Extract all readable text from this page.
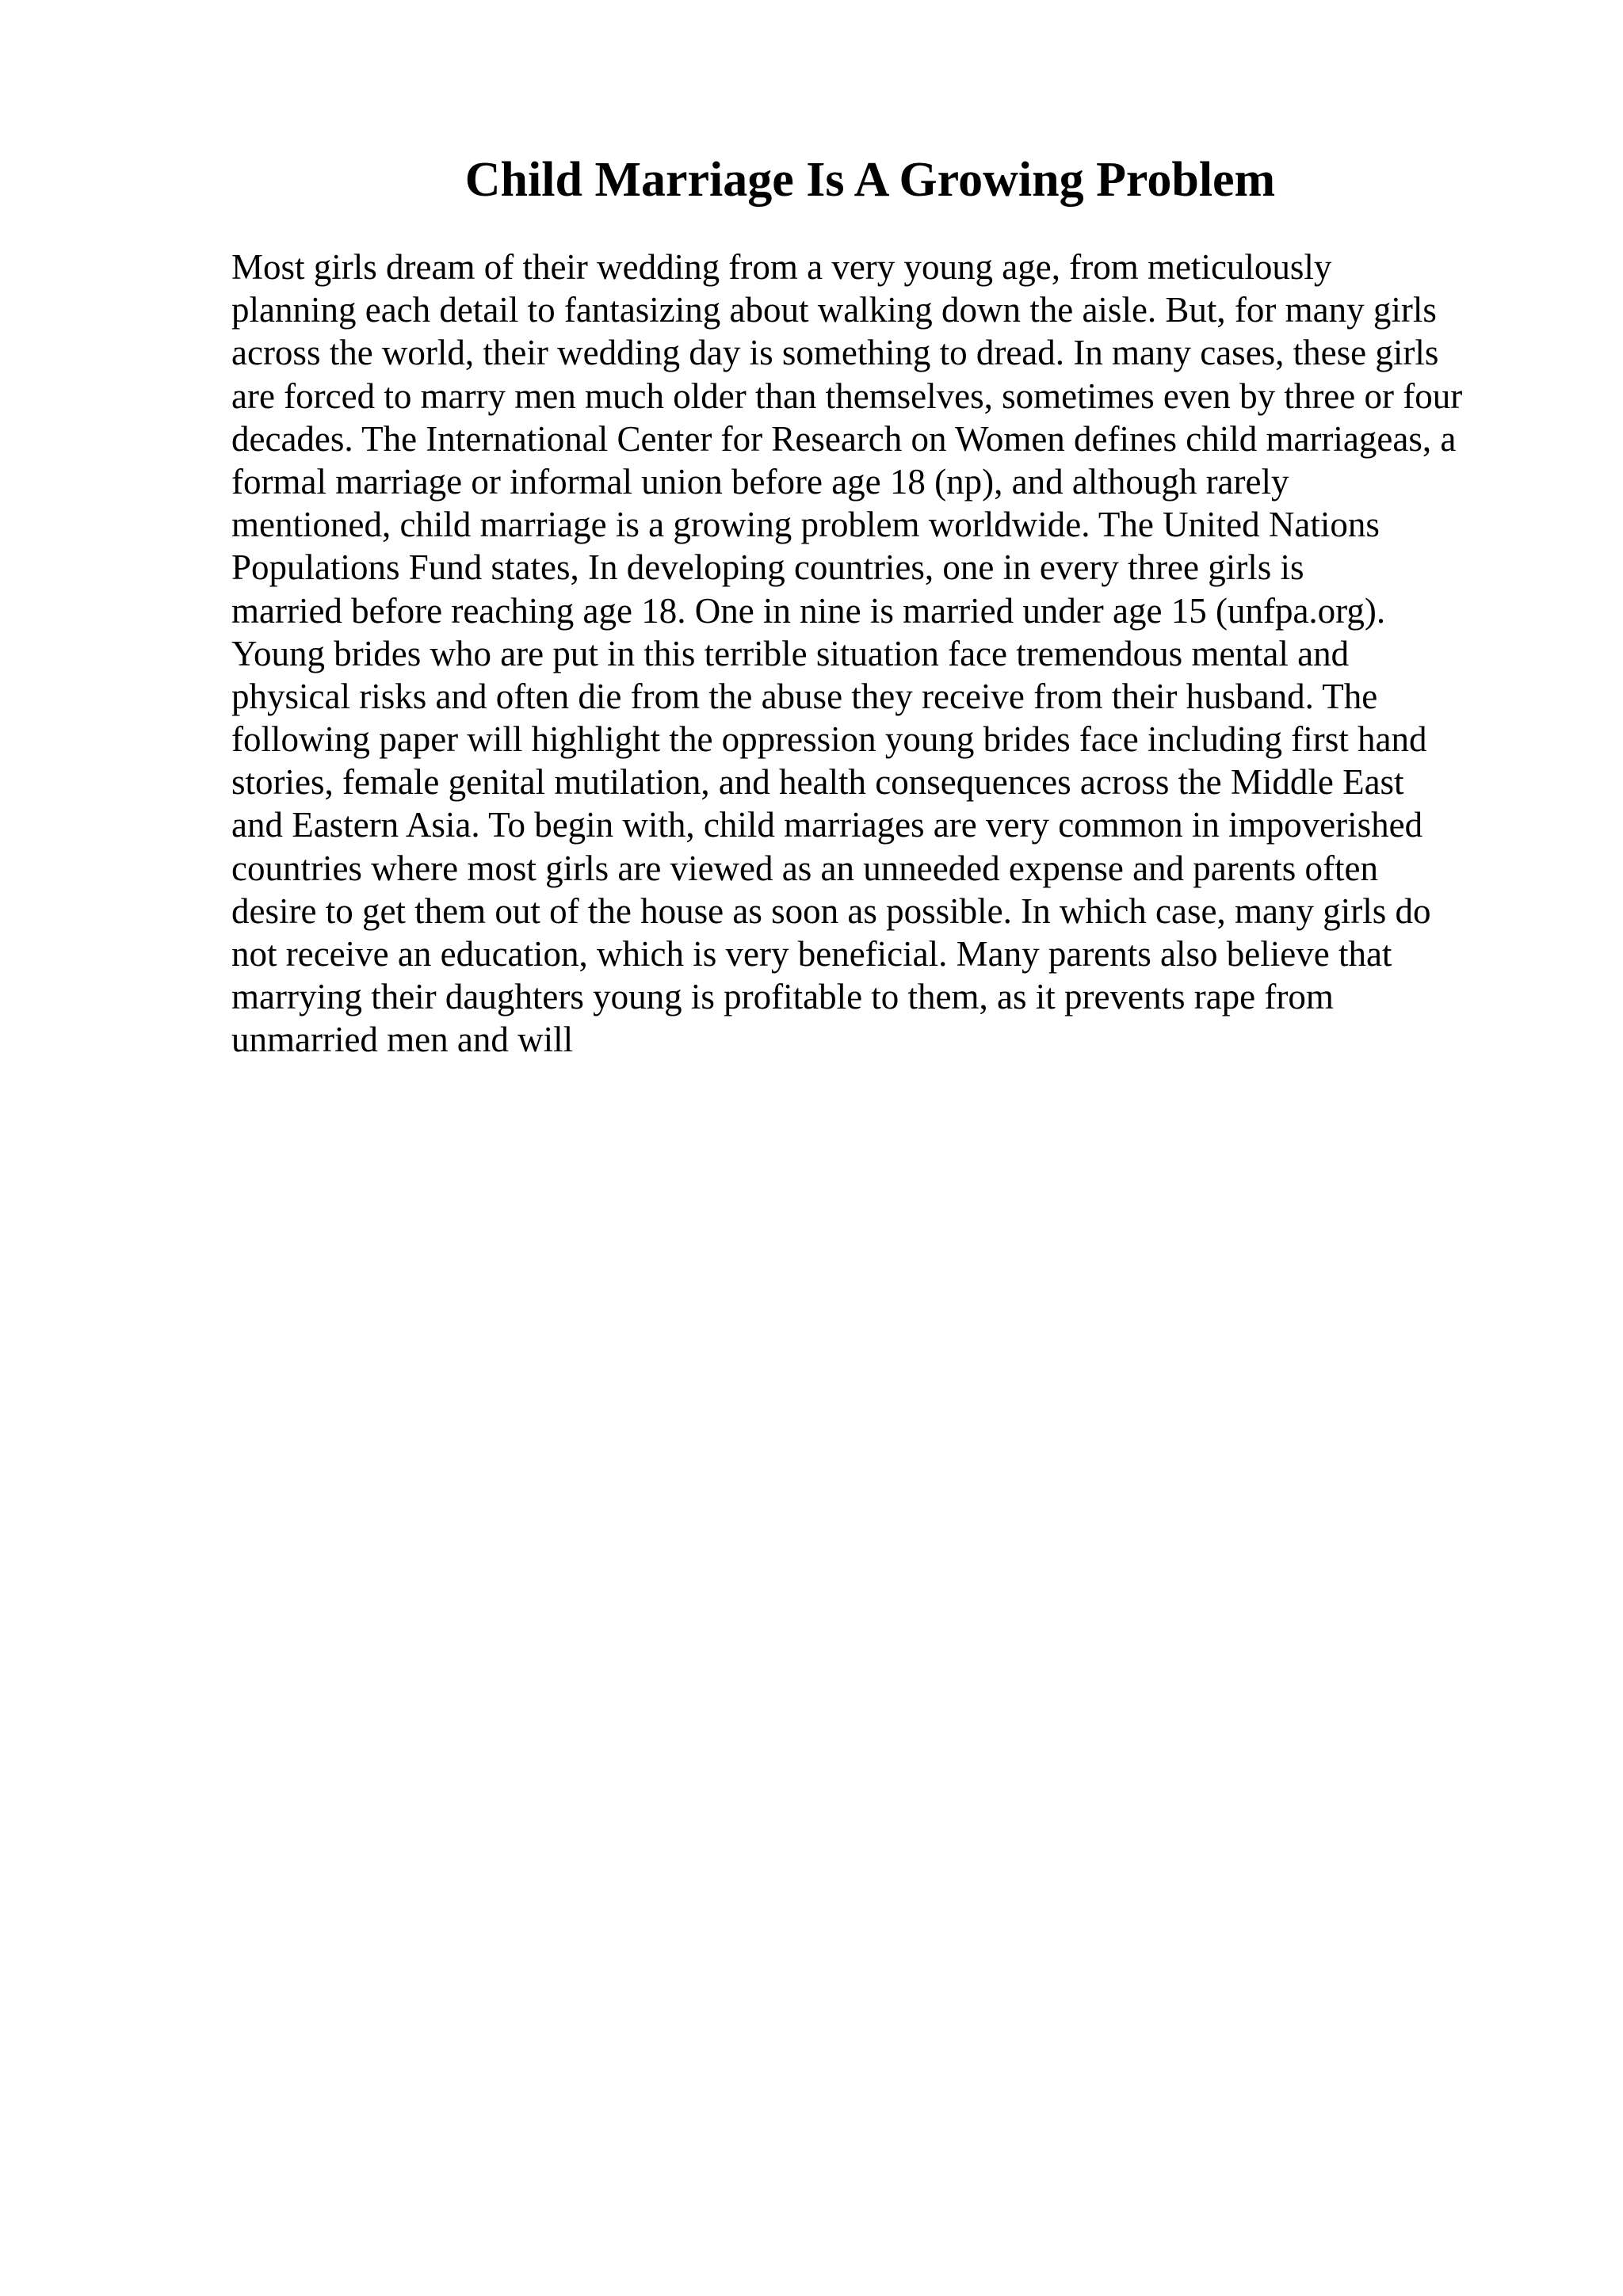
Child Marriage Is A Growing Problem
Most girls dream of their wedding from a very young age, from meticulously
planning each detail to fantasizing about walking down the aisle. But, for many girls
across the world, their wedding day is something to dread. In many cases, these girls
are forced to marry men much older than themselves, sometimes even by three or four
decades. The International Center for Research on Women defines child marriageas, a
formal marriage or informal union before age 18 (np), and although rarely
mentioned, child marriage is a growing problem worldwide. The United Nations
Populations Fund states, In developing countries, one in every three girls is
married before reaching age 18. One in nine is married under age 15 (unfpa.org).
Young brides who are put in this terrible situation face tremendous mental and
physical risks and often die from the abuse they receive from their husband. The
following paper will highlight the oppression young brides face including first hand
stories, female genital mutilation, and health consequences across the Middle East
and Eastern Asia. To begin with, child marriages are very common in impoverished
countries where most girls are viewed as an unneeded expense and parents often
desire to get them out of the house as soon as possible. In which case, many girls do
not receive an education, which is very beneficial. Many parents also believe that
marrying their daughters young is profitable to them, as it prevents rape from
unmarried men and will
